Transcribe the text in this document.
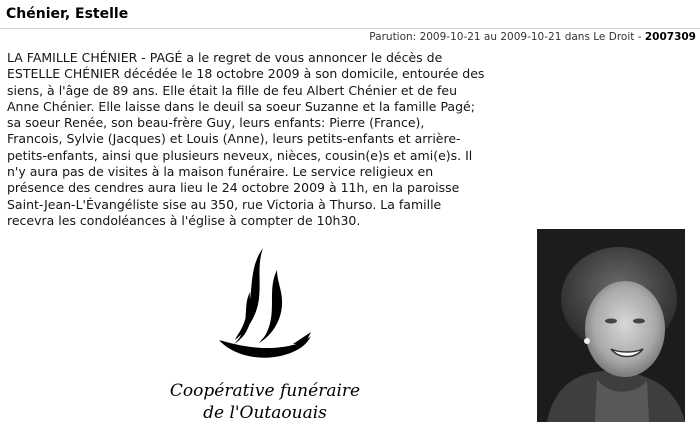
Chénier, Estelle
Parution: 2009-10-21 au 2009-10-21 dans Le Droit - 2007309
LA FAMILLE CHÉNIER - PAGÉ a le regret de vous annoncer le décès de
ESTELLE CHÉNIER décédée le 18 octobre 2009 à son domicile, entourée des
siens, à l'âge de 89 ans. Elle était la fille de feu Albert Chénier et de feu
Anne Chénier. Elle laisse dans le deuil sa soeur Suzanne et la famille Pagé;
sa soeur Renée, son beau-frère Guy, leurs enfants: Pierre (France),
Francois, Sylvie (Jacques) et Louis (Anne), leurs petits-enfants et arrière-
petits-enfants, ainsi que plusieurs neveux, nièces, cousin(e)s et ami(e)s. Il
n'y aura pas de visites à la maison funéraire. Le service religieux en
présence des cendres aura lieu le 24 octobre 2009 à 11h, en la paroisse
Saint-Jean-L'Évangéliste sise au 350, rue Victoria à Thurso. La famille
recevra les condoléances à l'église à compter de 10h30.
Coopérative funéraire
de l'Outaouais
